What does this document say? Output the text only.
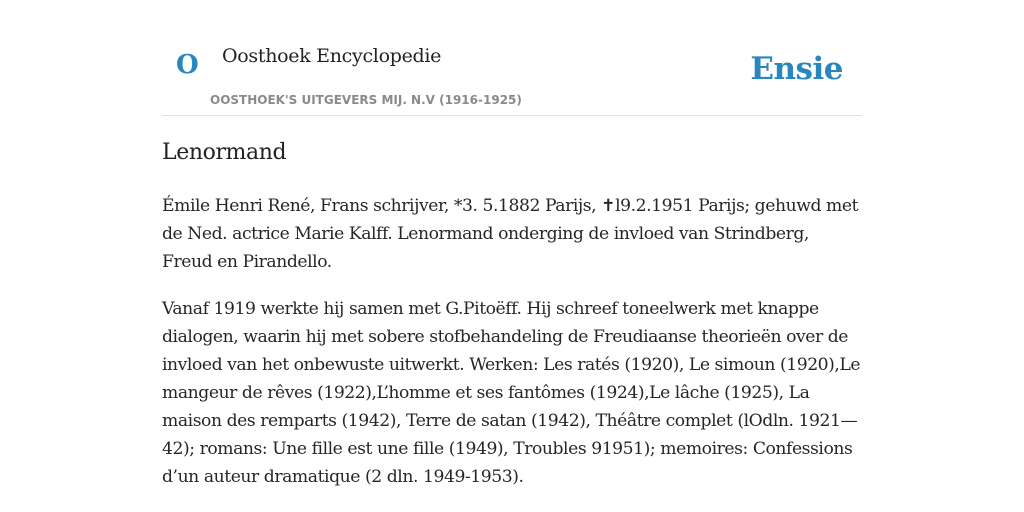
O Oosthoek Encyclopedie	Ensie
OOSTHOEK'S UITGEVERS MIJ. N.V (1916-1925)
Lenormand

Émile Henri René, Frans schrijver, *3. 5.1882 Parijs, ✝l9.2.1951 Parijs; gehuwd met de Ned. actrice Marie Kalff. Lenormand onderging de invloed van Strindberg, Freud en Pirandello.

Vanaf 1919 werkte hij samen met G.Pitoëff. Hij schreef toneelwerk met knappe dialogen, waarin hij met sobere stofbehandeling de Freudiaanse theorieën over de invloed van het onbewuste uitwerkt. Werken: Les ratés (1920), Le simoun (1920),Le mangeur de rêves (1922),L’homme et ses fantômes (1924),Le lâche (1925), La maison des remparts (1942), Terre de satan (1942), Théâtre complet (lOdln. 1921—42); romans: Une fille est une fille (1949), Troubles 91951); memoires: Confessions d’un auteur dramatique (2 dln. 1949-1953).
